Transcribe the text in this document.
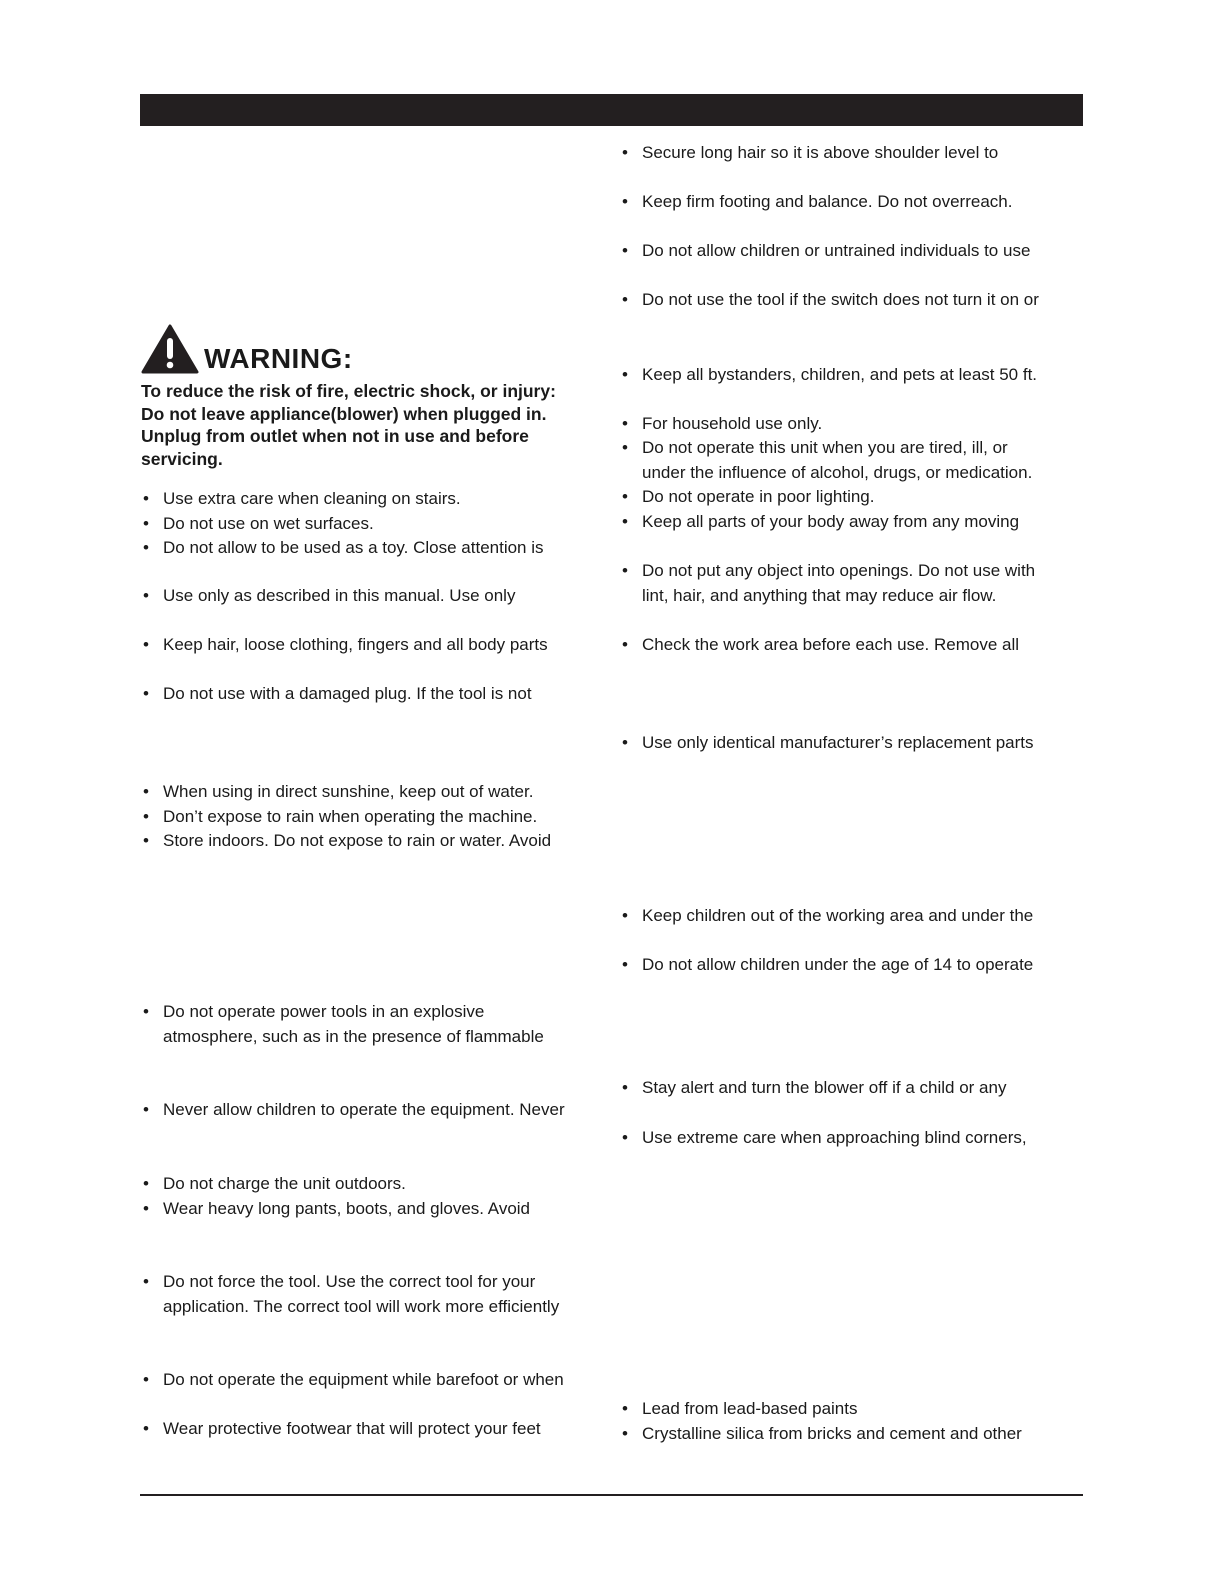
WARNING:
To reduce the risk of fire, electric shock, or injury:
Do not leave appliance(blower) when plugged in.
Unplug from outlet when not in use and before
servicing.
• Use extra care when cleaning on stairs.
• Do not use on wet surfaces.
• Do not allow to be used as a toy. Close attention is
• Use only as described in this manual. Use only
• Keep hair, loose clothing, fingers and all body parts
• Do not use with a damaged plug. If the tool is not
• When using in direct sunshine, keep out of water.
• Don’t expose to rain when operating the machine.
• Store indoors. Do not expose to rain or water. Avoid
• Do not operate power tools in an explosive
atmosphere, such as in the presence of flammable
• Never allow children to operate the equipment. Never
• Do not charge the unit outdoors.
• Wear heavy long pants, boots, and gloves. Avoid
• Do not force the tool. Use the correct tool for your
application. The correct tool will work more efficiently
• Do not operate the equipment while barefoot or when
• Wear protective footwear that will protect your feet
• Secure long hair so it is above shoulder level to
• Keep firm footing and balance. Do not overreach.
• Do not allow children or untrained individuals to use
• Do not use the tool if the switch does not turn it on or
• Keep all bystanders, children, and pets at least 50 ft.
• For household use only.
• Do not operate this unit when you are tired, ill, or
under the influence of alcohol, drugs, or medication.
• Do not operate in poor lighting.
• Keep all parts of your body away from any moving
• Do not put any object into openings. Do not use with
lint, hair, and anything that may reduce air flow.
• Check the work area before each use. Remove all
• Use only identical manufacturer’s replacement parts
• Keep children out of the working area and under the
• Do not allow children under the age of 14 to operate
• Stay alert and turn the blower off if a child or any
• Use extreme care when approaching blind corners,
• Lead from lead-based paints
• Crystalline silica from bricks and cement and other
